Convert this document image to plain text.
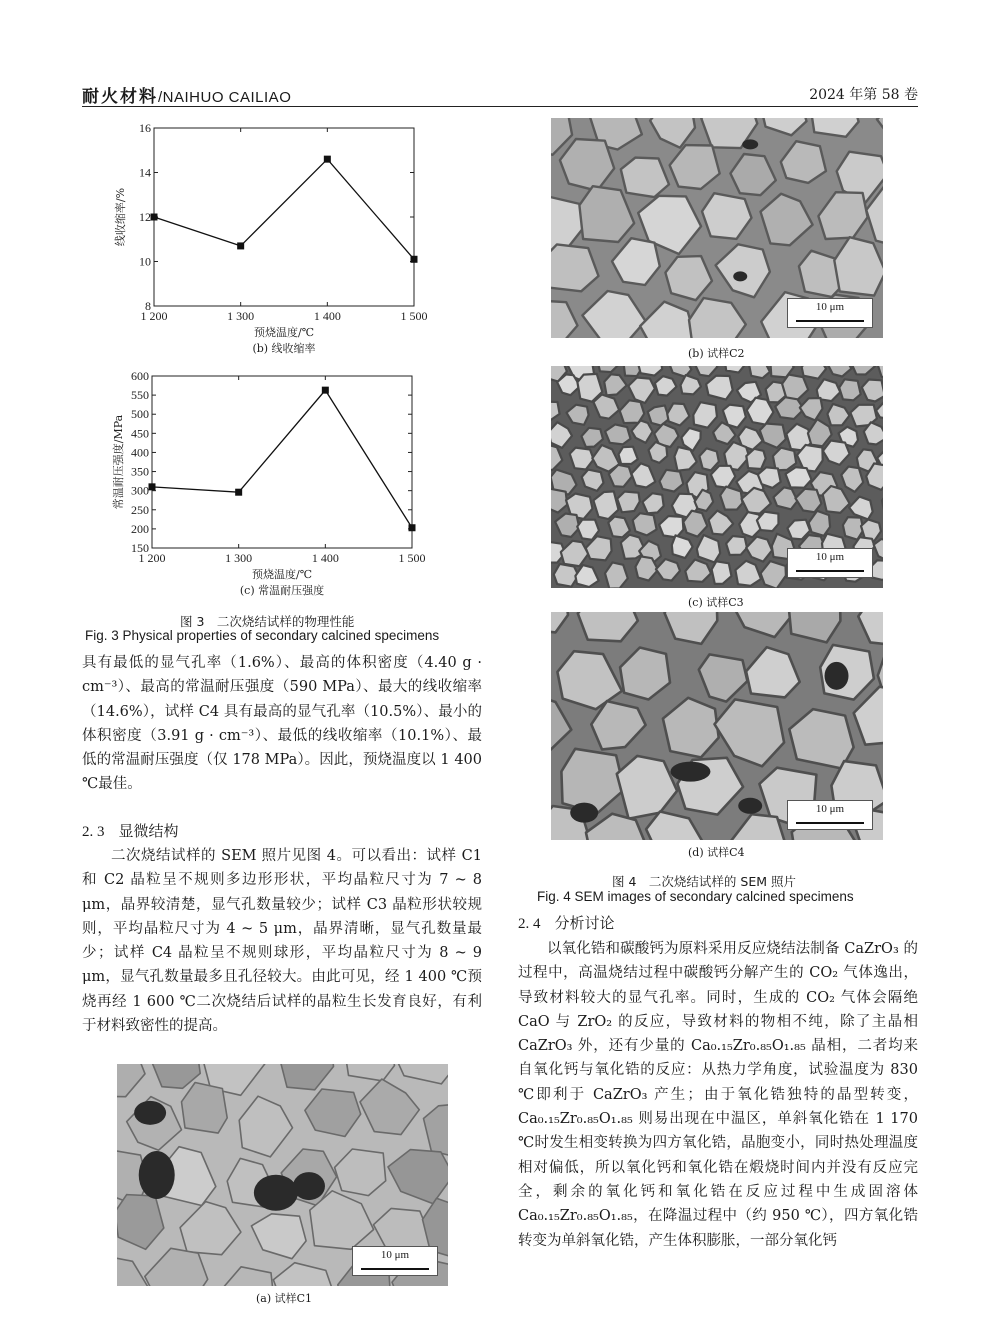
耐火材料/NAIHUO CAILIAO	2024 年第 58 卷
8
10
12
14
16
1 200	1 300	1 400	1 500
预烧温度/℃
线收缩率/%
(b) 线收缩率
150
200
250
300
350
400
450
500
550
600
1 200	1 300	1 400	1 500
预烧温度/℃
常温耐压强度/MPa
(c) 常温耐压强度
图 3　二次烧结试样的物理性能
Fig. 3 Physical properties of secondary calcined specimens

具有最低的显气孔率（1.6%）、最高的体积密度（4.40 g · cm⁻³）、最高的常温耐压强度（590 MPa）、最大的线收缩率（14.6%），试样 C4 具有最高的显气孔率（10.5%）、最小的体积密度（3.91 g · cm⁻³）、最低的线收缩率（10.1%）、最低的常温耐压强度（仅 178 MPa）。因此，预烧温度以 1 400 ℃最佳。

2. 3 显微结构

二次烧结试样的 SEM 照片见图 4。可以看出：试样 C1 和 C2 晶粒呈不规则多边形形状，平均晶粒尺寸为 7 ~ 8 μm，晶界较清楚，显气孔数量较少；试样 C3 晶粒形状较规则，平均晶粒尺寸为 4 ~ 5 μm，晶界清晰，显气孔数量最少；试样 C4 晶粒呈不规则球形，平均晶粒尺寸为 8 ~ 9 μm，显气孔数量最多且孔径较大。由此可见，经 1 400 ℃预烧再经 1 600 ℃二次烧结后试样的晶粒生长发育良好，有利于材料致密性的提高。

10 μm
(a) 试样C1
10 μm
(b) 试样C2
10 μm
(c) 试样C3
10 μm
(d) 试样C4
图 4　二次烧结试样的 SEM 照片
Fig. 4 SEM images of secondary calcined specimens
2. 4 分析讨论

以氧化锆和碳酸钙为原料采用反应烧结法制备 CaZrO₃ 的过程中，高温烧结过程中碳酸钙分解产生的 CO₂ 气体逸出，导致材料较大的显气孔率。同时，生成的 CO₂ 气体会隔绝 CaO 与 ZrO₂ 的反应，导致材料的物相不纯，除了主晶相 CaZrO₃ 外，还有少量的 Ca₀.₁₅Zr₀.₈₅O₁.₈₅ 晶相，二者均来自氧化钙与氧化锆的反应：从热力学角度，试验温度为 830 ℃即利于 CaZrO₃ 产生；由于氧化锆独特的晶型转变，Ca₀.₁₅Zr₀.₈₅O₁.₈₅ 则易出现在中温区，单斜氧化锆在 1 170 ℃时发生相变转换为四方氧化锆，晶胞变小，同时热处理温度相对偏低，所以氧化钙和氧化锆在煅烧时间内并没有反应完全，剩余的氧化钙和氧化锆在反应过程中生成固溶体 Ca₀.₁₅Zr₀.₈₅O₁.₈₅，在降温过程中（约 950 ℃），四方氧化锆转变为单斜氧化锆，产生体积膨胀，一部分氧化钙
